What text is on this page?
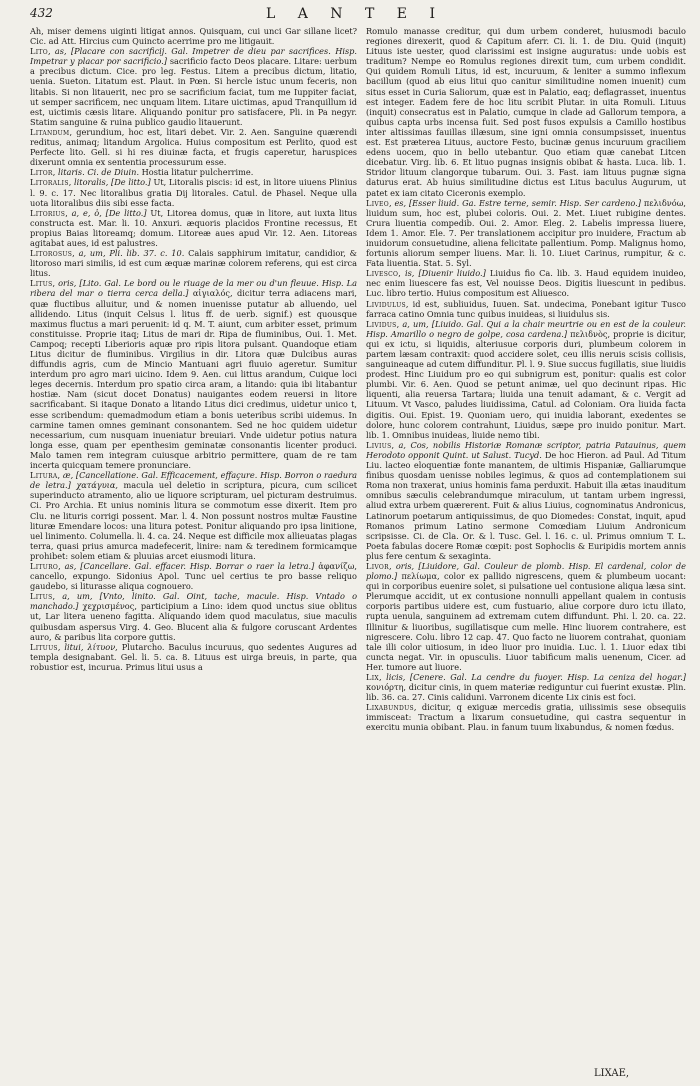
432	L A N T E I

Ah, miser demens uiginti litigat annos. Quisquam, cui unci Gar sillane licet? Cic. ad Att. Hircius cum Quincto acerrime pro me litigauit.

Lito, as, [Placare con sacrificij. Gal. Impetrer de dieu par sacrifices. Hisp. Impetrar y placar por sacrificio.] sacrificio facto Deos placare. Litare: uerbum a precibus dictum. Cice. pro leg. Festus. Litem a precibus dictum, litatio, uenia. Sueton. Litatum est. Plaut. in Pœn. Si hercle istuc unum feceris, non litabis. Si non litauerit, nec pro se sacrificium faciat, tum me Iuppiter faciat, ut semper sacrificem, nec unquam litem. Litare uictimas, apud Tranquillum id est, uictimis cæsis litare. Aliquando ponitur pro satisfacere, Pli. in Pa negyr. Statim sanguine & ruina publico gaudio litauerunt.

Litandum, gerundium, hoc est, litari debet. Vir. 2. Aen. Sanguine quærendi reditus, animaq; litandum Argolica. Huius compositum est Perlito, quod est Perfecte lito. Gell. si hi res diuinæ facta, et frugis caperetur, haruspices dixerunt omnia ex sententia processurum esse.

Litor, litaris. Ci. de Diuin. Hostia litatur pulcherrime.

Litoralis, litoralis, [De litto.] Ut, Litoralis piscis: id est, in litore uiuens Plinius l. 9. c. 17. Nec litoralibus gratia Dij litorales. Catul. de Phasel. Neque ulla uota litoralibus diis sibi esse facta.

Litorius, a, e, ὁ, [De litto.] Ut, Litorea domus, quæ in litore, aut iuxta litus constructa est. Mar. li. 10. Anxuri. æquoris placidos Frontine recessus, Et propius Baias litoreamq; domum. Litoreæ aues apud Vir. 12. Aen. Litoreas agitabat aues, id est palustres.

Litorosus, a, um, Pli. lib. 37. c. 10. Calais sapphirum imitatur, candidior, & litoroso mari similis, id est cum æquæ marinæ colorem referens, qui est circa litus.

Litus, oris, [Lito. Gal. Le bord ou le riuage de la mer ou d'un fleuue. Hisp. La ribera del mar o tierra cerca della.] αἰγιαλός, dicitur terra adiacens mari, quæ fluctibus alluitur, und & nomen inuenisse putatur ab alluendo, uel allidendo. Litus (inquit Celsus l. litus ff. de uerb. signif.) est quousque maximus fluctus a mari peruenit: id q. M. T. aiunt, cum arbiter esset, primum constituisse. Proprie itaq; Litus de mari dr. Ripa de fluminibus, Oui. 1. Met. Campoq; recepti Liberioris aquæ pro ripis litora pulsant. Quandoque etiam Litus dicitur de fluminibus. Virgilius in dir. Litora quæ Dulcibus auras diffundis agris, cum de Mincio Mantuani agri fluuio ageretur. Sumitur interdum pro agro mari uicino. Idem 9. Aen. cui littus arandum, Cuique loci leges decernis. Interdum pro spatio circa aram, a litando: quia ibi litabantur hostiæ. Nam (sicut docet Donatus) nauigantes eodem reuersi in litore sacrificabant. Si itaque Donato a litando Litus dici credimus, uidetur unico t, esse scribendum: quemadmodum etiam a bonis ueteribus scribi uidemus. In carmine tamen omnes geminant consonantem. Sed ne hoc quidem uidetur necessarium, cum nusquam inueniatur breuiari. Vnde uidetur potius natura longa esse, quam per epenthesim geminatæ consonantis licenter produci. Malo tamen rem integram cuiusque arbitrio permittere, quam de re tam incerta quicquam temere pronunciare.

Litura, æ, [Cancellatione. Gal. Efficacement, effaçure. Hisp. Borron o raedura de letra.] χατάγυια, macula uel deletio in scriptura, picura, cum scilicet superinducto atramento, alio ue liquore scripturam, uel picturam destruimus. Ci. Pro Archia. Et unius nominis litura se commotum esse dixerit. Item pro Clu. ne lituris corrigi possent. Mar. l. 4. Non possunt nostros multæ Faustine lituræ Emendare locos: una litura potest. Ponitur aliquando pro ipsa linitione, uel linimento. Columella. li. 4. ca. 24. Neque est difficile mox allieuatas plagas terra, quasi prius amurca madefecerit, linire: nam & teredinem formicamque prohibet: solem etiam & pluuias arcet eiusmodi litura.

Lituro, as, [Cancellare. Gal. effacer. Hisp. Borrar o raer la letra.] ἀφανίζω, cancello, expungo. Sidonius Apol. Tunc uel certius te pro basse reliquo gaudebo, si liturasse aliqua cognouero.

Litus, a, um, [Vnto, linito. Gal. Oint, tache, macule. Hisp. Vntado o manchado.] χεχρισμένος, participium a Lino: idem quod unctus siue oblitus ut, Lar litera ueneno fagitta. Aliquando idem quod maculatus, siue maculis quibusdam aspersus Virg. 4. Geo. Blucent alia & fulgore coruscant Ardentes auro, & paribus lita corpore guttis.

Lituus, litui, λίτυον, Plutarcho. Baculus incuruus, quo sedentes Augures ad templa designabant. Gel. li. 5. ca. 8. Lituus est uirga breuis, in parte, qua robustior est, incurua. Primus litui usus a

Romulo manasse creditur, qui dum urbem conderet, huiusmodi baculo regiones direxerit, quod & Capitum aferr. Ci. li. 1. de Diu. Quid (inquit) Lituus iste uester, quod clarissimi est insigne auguratus: unde uobis est traditum? Nempe eo Romulus regiones direxit tum, cum urbem condidit. Qui quidem Romuli Litus, id est, incuruum, & leniter a summo inflexum bacillum (quod ab eius litui quo canitur similitudine nomen inuenit) cum situs esset in Curia Saliorum, quæ est in Palatio, eaq; deflagrasset, inuentus est integer. Eadem fere de hoc litu scribit Plutar. in uita Romuli. Lituus (inquit) consecratus est in Palatio, cumque in clade ad Gallorum tempora, a quibus capta urbs incensa fuit. Sed post fusos expulsis a Camillo hostibus inter altissimas fauillas illæsum, sine igni omnia consumpsisset, inuentus est. Est præterea Lituus, auctore Festo, bucinæ genus incuruum graciliem edens uocem, quo in bello utebantur. Quo etiam quæ canebat Litcen dicebatur. Virg. lib. 6. Et lituo pugnas insignis obibat & hasta. Luca. lib. 1. Stridor lituum clangorque tubarum. Oui. 3. Fast. iam lituus pugnæ signa daturus erat. Ab huius similitudine dictus est Litus baculus Augurum, ut patet ex iam citato Ciceronis exemplo.

Liveo, es, [Esser liuid. Ga. Estre terne, semir. Hisp. Ser cardeno.] πελιδνόω, liuidum sum, hoc est, plubei coloris. Oui. 2. Met. Liuet rubigine dentes. Crura liuentia compedib. Oui. 2. Amor. Eleg. 2. Labelis impressa liuere, Idem 1. Amor. Ele. 7. Per translationem accipitur pro inuidere, Fractum ab inuidorum consuetudine, aliena felicitate pallentium. Pomp. Malignus homo, fortunis aliorum semper liuens. Mar. li. 10. Liuet Carinus, rumpitur, & c. Fata liuentia. Stat. 5. Syl.

Livesco, is, [Diuenir liuido.] Liuidus fio Ca. lib. 3. Haud equidem inuideo, nec enim liuescere fas est, Vel nouisse Deos. Digitis liuescunt in pedibus. Luc. libro tertio. Huius compositum est Aliuesco.

Lividulus, id est, subliuidus, Iuuen. Sat. undecima, Ponebant igitur Tusco farraca catino Omnia tunc quibus inuideas, si liuidulus sis.

Lividus, a, um, [Liuido. Gal. Qui a la chair meurtrie ou en est de la couleur. Hisp. Amarillo o negro de golpe, cosa cardena.] πελιδνὸς, proprie is dicitur, qui ex ictu, si liquidis, alteriusue corporis duri, plumbeum colorem in partem læsam contraxit: quod accidere solet, ceu illis neruis scisis collisis, sanguineaque ad cutem diffunditur. Pl. l. 9. Siue succus fugillatis, siue liuidis prodest. Hinc Liuidum pro eo qui subnigrum est, ponitur: qualis est color plumbi. Vir. 6. Aen. Quod se petunt animæ, uel quo decinunt ripas. Hic liquenti, alia reuersa Tartara; liuida una tenuit adamant, & c. Vergit ad Lituum. Vt Vasco, paludes liuidissima, Catul. ad Coloniam. Ora liuida facta digitis. Oui. Epist. 19. Quoniam uero, qui inuidia laborant, exedentes se dolore, hunc colorem contrahunt, Liuidus, sæpe pro inuido ponitur. Mart. lib. 1. Omnibus inuideas, liuide nemo tibi.

Livius, a, Cos, nobilis Historiæ Romanæ scriptor, patria Patauinus, quem Herodoto opponit Quint. ut Salust. Tucyd. De hoc Hieron. ad Paul. Ad Titum Liu. lacteo eloquentiæ fonte manantem, de ultimis Hispaniæ, Galliarumque finibus quosdam uenisse nobiles legimus, & quos ad contemplationem sui Roma non traxerat, unius hominis fama perduxit. Habuit illa ætas inauditum omnibus sæculis celebrandumque miraculum, ut tantam urbem ingressi, aliud extra urbem quærerent. Fuit & alius Liuius, cognominatus Andronicus, Latinorum poetarum antiquissimus, de quo Diomedes: Constat, inquit, apud Romanos primum Latino sermone Comœdiam Liuium Andronicum scripsisse. Ci. de Cla. Or. & l. Tusc. Gel. l. 16. c. ul. Primus omnium T. L. Poeta fabulas docere Romæ cœpit: post Sophoclis & Euripidis mortem annis plus fere centum & sexaginta.

Livor, oris, [Liuidore, Gal. Couleur de plomb. Hisp. El cardenal, color de plomo.] πελίωμα, color ex pallido nigrescens, quem & plumbeum uocant: qui in corporibus euenire solet, si pulsatione uel contusione aliqua læsa sint. Plerumque accidit, ut ex contusione nonnulli appellant qualem in contusis corporis partibus uidere est, cum fustuario, aliue corpore duro ictu illato, rupta uenula, sanguinem ad extremam cutem diffundunt. Phi. l. 20. ca. 22. Illinitur & liuoribus, sugillatisque cum melle. Hinc liuorem contrahere, est nigrescere. Colu. libro 12 cap. 47. Quo facto ne liuorem contrahat, quoniam tale illi color uitiosum, in ideo liuor pro inuidia. Luc. l. 1. Liuor edax tibi cuncta negat. Vir. in opusculis. Liuor tabificum malis uenenum, Cicer. ad Her. tumore aut liuore.

Lix, licis, [Cenere. Gal. La cendre du fuoyer. Hisp. La ceniza del hogar.] κονιόρτη, dicitur cinis, in quem materiæ rediguntur cui fuerint exustæ. Plin. lib. 36. ca. 27. Cinis caliduni. Varronem dicente Lix cinis est foci.

Lixabundus, dicitur, q exiguæ mercedis gratia, uilissimis sese obsequiis immisceat: Tractum a lixarum consuetudine, qui castra sequentur in exercitu munia obibant. Plau. in fanum tuum lixabundus, & nomen fœdus.

LIXAE,
